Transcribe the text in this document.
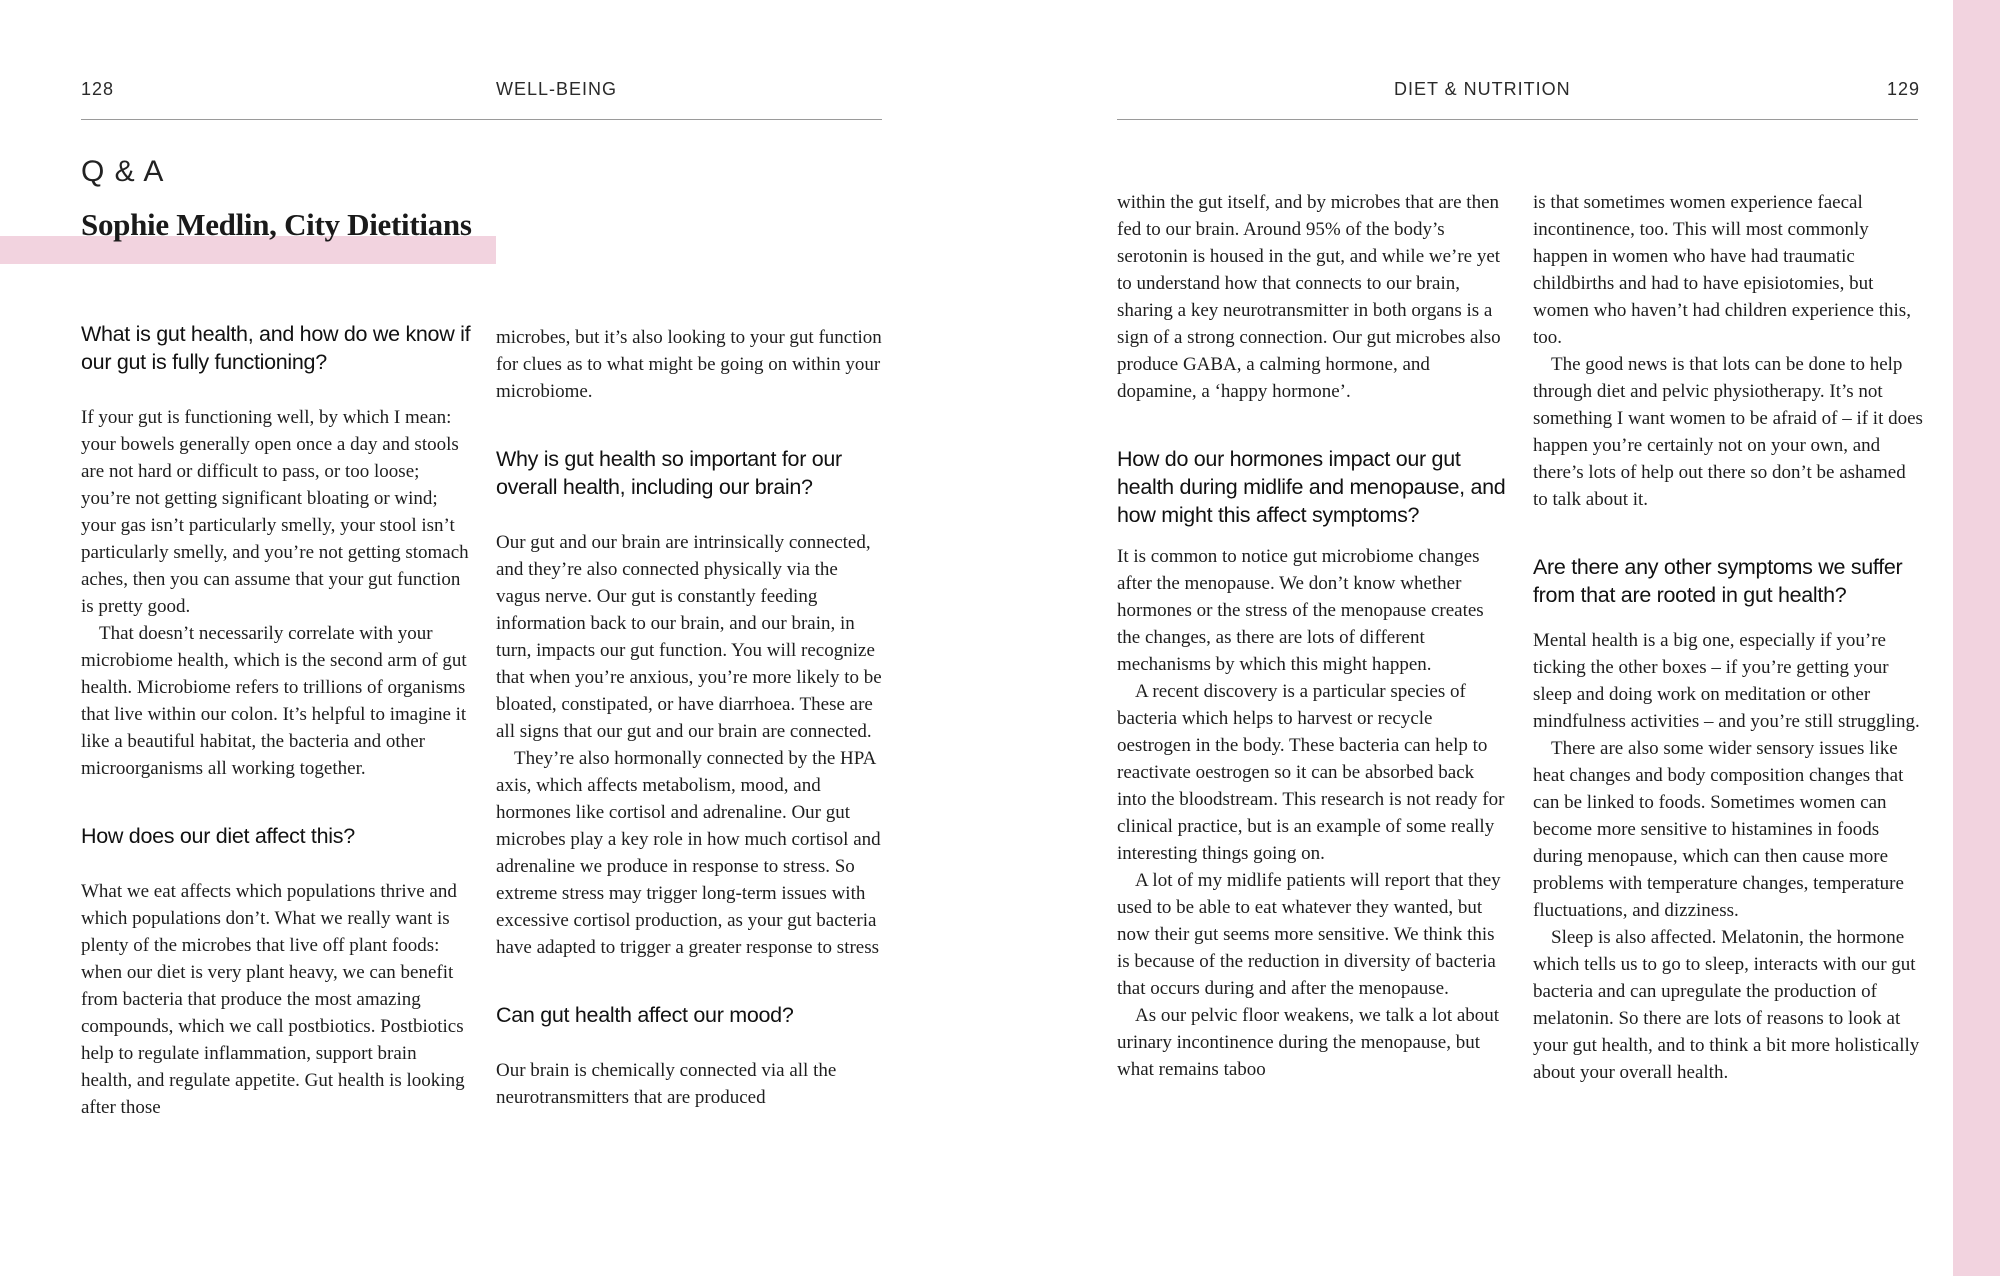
128	WELL-BEING	DIET & NUTRITION	129
Q & A
Sophie Medlin, City Dietitians

What is gut health, and how do we know if our gut is fully functioning?

If your gut is functioning well, by which I mean: your bowels generally open once a day and stools are not hard or difficult to pass, or too loose; you’re not getting significant bloating or wind; your gas isn’t particularly smelly, your stool isn’t particularly smelly, and you’re not getting stomach aches, then you can assume that your gut function is pretty good.

That doesn’t necessarily correlate with your microbiome health, which is the second arm of gut health. Microbiome refers to trillions of organisms that live within our colon. It’s helpful to imagine it like a beautiful habitat, the bacteria and other microorganisms all working together.

How does our diet affect this?

What we eat affects which populations thrive and which populations don’t. What we really want is plenty of the microbes that live off plant foods: when our diet is very plant heavy, we can benefit from bacteria that produce the most amazing compounds, which we call postbiotics. Postbiotics help to regulate inflammation, support brain health, and regulate appetite. Gut health is looking after those

microbes, but it’s also looking to your gut function for clues as to what might be going on within your microbiome.

Why is gut health so important for our overall health, including our brain?

Our gut and our brain are intrinsically connected, and they’re also connected physically via the vagus nerve. Our gut is constantly feeding information back to our brain, and our brain, in turn, impacts our gut function. You will recognize that when you’re anxious, you’re more likely to be bloated, constipated, or have diarrhoea. These are all signs that our gut and our brain are connected.

They’re also hormonally connected by the HPA axis, which affects metabolism, mood, and hormones like cortisol and adrenaline. Our gut microbes play a key role in how much cortisol and adrenaline we produce in response to stress. So extreme stress may trigger long-term issues with excessive cortisol production, as your gut bacteria have adapted to trigger a greater response to stress

Can gut health affect our mood?

Our brain is chemically connected via all the neurotransmitters that are produced

within the gut itself, and by microbes that are then fed to our brain. Around 95% of the body’s serotonin is housed in the gut, and while we’re yet to understand how that connects to our brain, sharing a key neurotransmitter in both organs is a sign of a strong connection. Our gut microbes also produce GABA, a calming hormone, and dopamine, a ‘happy hormone’.

How do our hormones impact our gut health during midlife and menopause, and how might this affect symptoms?

It is common to notice gut microbiome changes after the menopause. We don’t know whether hormones or the stress of the menopause creates the changes, as there are lots of different mechanisms by which this might happen.

A recent discovery is a particular species of bacteria which helps to harvest or recycle oestrogen in the body. These bacteria can help to reactivate oestrogen so it can be absorbed back into the bloodstream. This research is not ready for clinical practice, but is an example of some really interesting things going on.

A lot of my midlife patients will report that they used to be able to eat whatever they wanted, but now their gut seems more sensitive. We think this is because of the reduction in diversity of bacteria that occurs during and after the menopause.

As our pelvic floor weakens, we talk a lot about urinary incontinence during the menopause, but what remains taboo

is that sometimes women experience faecal incontinence, too. This will most commonly happen in women who have had traumatic childbirths and had to have episiotomies, but women who haven’t had children experience this, too.

The good news is that lots can be done to help through diet and pelvic physiotherapy. It’s not something I want women to be afraid of – if it does happen you’re certainly not on your own, and there’s lots of help out there so don’t be ashamed to talk about it.

Are there any other symptoms we suffer from that are rooted in gut health?

Mental health is a big one, especially if you’re ticking the other boxes – if you’re getting your sleep and doing work on meditation or other mindfulness activities – and you’re still struggling.

There are also some wider sensory issues like heat changes and body composition changes that can be linked to foods. Sometimes women can become more sensitive to histamines in foods during menopause, which can then cause more problems with temperature changes, temperature fluctuations, and dizziness.

Sleep is also affected. Melatonin, the hormone which tells us to go to sleep, interacts with our gut bacteria and can upregulate the production of melatonin. So there are lots of reasons to look at your gut health, and to think a bit more holistically about your overall health.
